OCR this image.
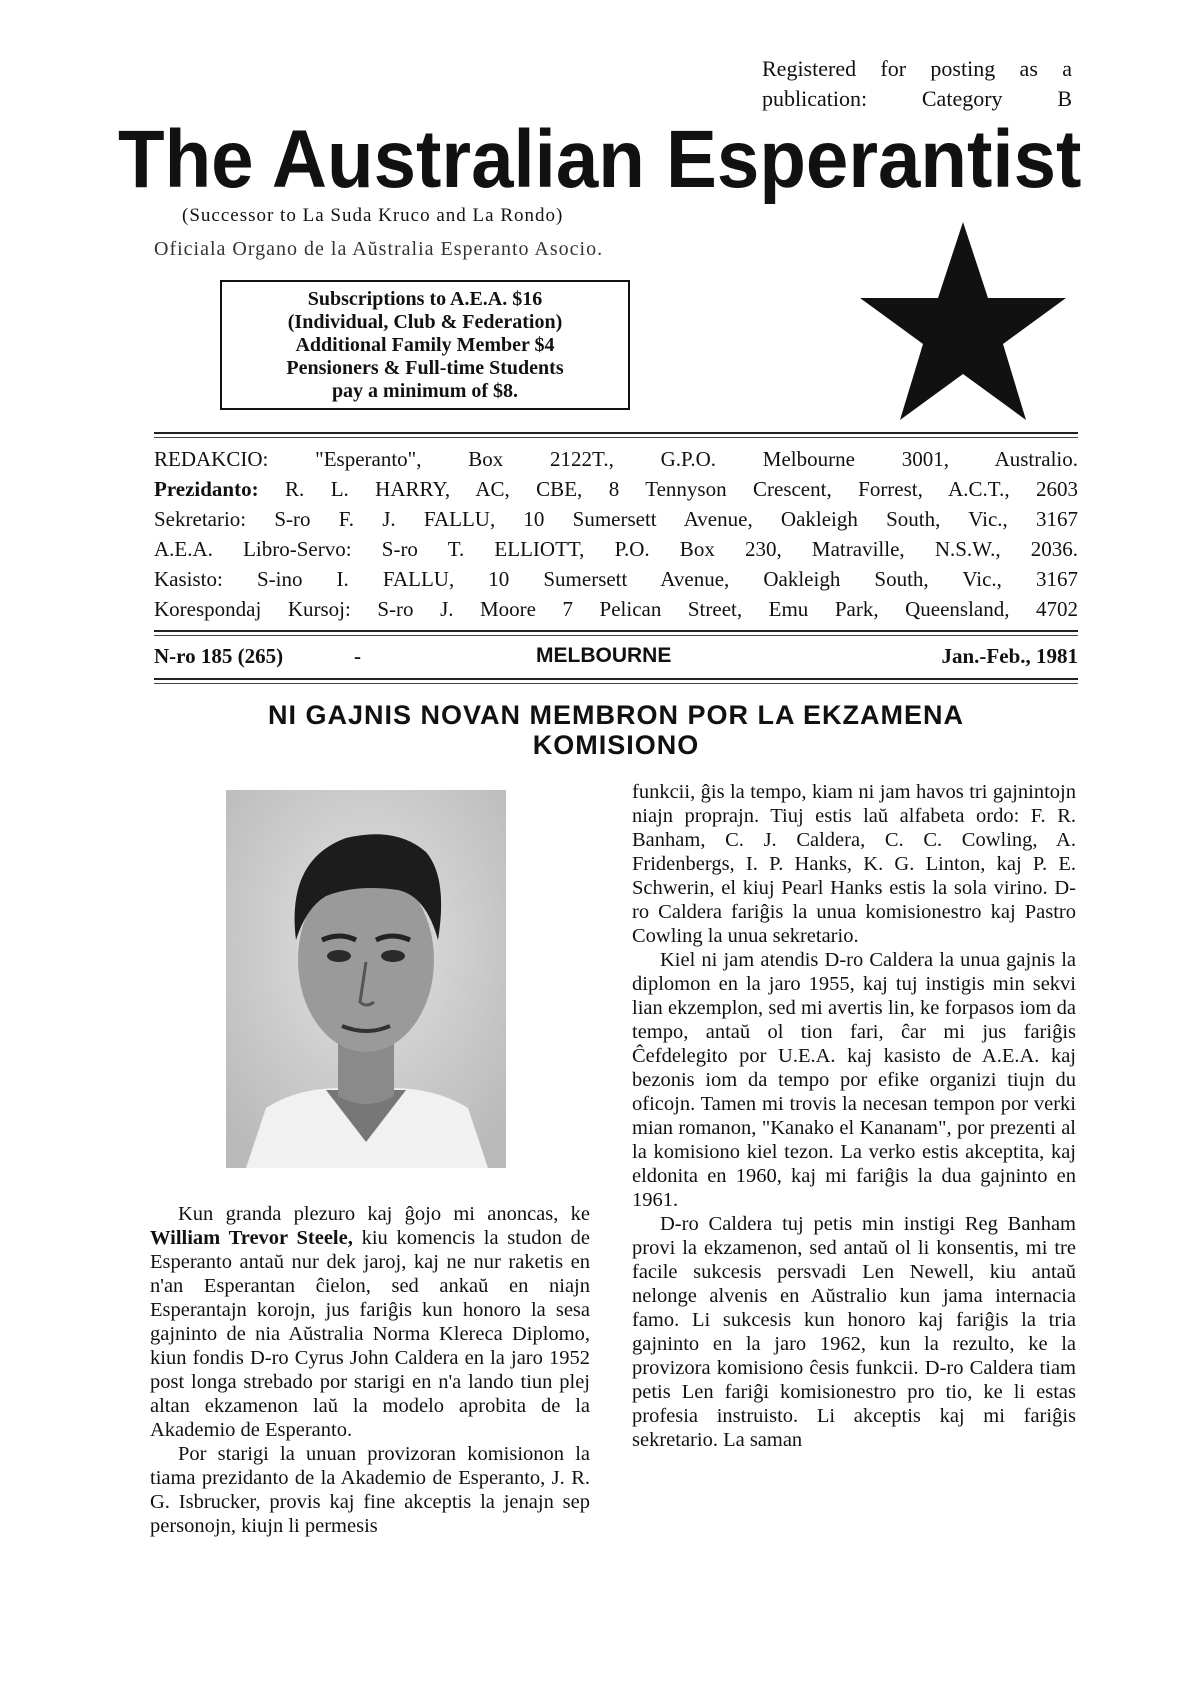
Registered for posting as a publication: Category B
The Australian Esperantist
(Successor to La Suda Kruco and La Rondo)
Oficiala Organo de la Aŭstralia Esperanto Asocio.
Subscriptions to A.E.A. $16
(Individual, Club & Federation)
Additional Family Member $4
Pensioners & Full-time Students
pay a minimum of $8.
REDAKCIO: "Esperanto", Box 2122T., G.P.O. Melbourne 3001, Australio.
Prezidanto: R. L. HARRY, AC, CBE, 8 Tennyson Crescent, Forrest, A.C.T., 2603
Sekretario: S-ro F. J. FALLU, 10 Sumersett Avenue, Oakleigh South, Vic., 3167
A.E.A. Libro-Servo: S-ro T. ELLIOTT, P.O. Box 230, Matraville, N.S.W., 2036.
Kasisto: S-ino I. FALLU, 10 Sumersett Avenue, Oakleigh South, Vic., 3167
Korespondaj Kursoj: S-ro J. Moore 7 Pelican Street, Emu Park, Queensland, 4702
N-ro 185 (265)	-	MELBOURNE	Jan.-Feb., 1981
NI GAJNIS NOVAN MEMBRON POR LA EKZAMENA
KOMISIONO

Kun granda plezuro kaj ĝojo mi anoncas, ke William Trevor Steele, kiu komencis la studon de Esperanto antaŭ nur dek jaroj, kaj ne nur raketis en n'an Esperantan ĉielon, sed ankaŭ en niajn Esperantajn korojn, jus fariĝis kun honoro la sesa gajninto de nia Aŭstralia Norma Klereca Diplomo, kiun fondis D-ro Cyrus John Caldera en la jaro 1952 post longa strebado por starigi en n'a lando tiun plej altan ekzamenon laŭ la modelo aprobita de la Akademio de Esperanto.

Por starigi la unuan provizoran komisionon la tiama prezidanto de la Akademio de Esperanto, J. R. G. Isbrucker, provis kaj fine akceptis la jenajn sep personojn, kiujn li permesis

funkcii, ĝis la tempo, kiam ni jam havos tri gajnintojn niajn proprajn. Tiuj estis laŭ alfabeta ordo: F. R. Banham, C. J. Caldera, C. C. Cowling, A. Fridenbergs, I. P. Hanks, K. G. Linton, kaj P. E. Schwerin, el kiuj Pearl Hanks estis la sola virino. D-ro Caldera fariĝis la unua komisionestro kaj Pastro Cowling la unua sekretario.

Kiel ni jam atendis D-ro Caldera la unua gajnis la diplomon en la jaro 1955, kaj tuj instigis min sekvi lian ekzemplon, sed mi avertis lin, ke forpasos iom da tempo, antaŭ ol tion fari, ĉar mi jus fariĝis Ĉefdelegito por U.E.A. kaj kasisto de A.E.A. kaj bezonis iom da tempo por efike organizi tiujn du oficojn. Tamen mi trovis la necesan tempon por verki mian romanon, "Kanako el Kananam", por prezenti al la komisiono kiel tezon. La verko estis akceptita, kaj eldonita en 1960, kaj mi fariĝis la dua gajninto en 1961.

D-ro Caldera tuj petis min instigi Reg Banham provi la ekzamenon, sed antaŭ ol li konsentis, mi tre facile sukcesis persvadi Len Newell, kiu antaŭ nelonge alvenis en Aŭstralio kun jama internacia famo. Li sukcesis kun honoro kaj fariĝis la tria gajninto en la jaro 1962, kun la rezulto, ke la provizora komisiono ĉesis funkcii. D-ro Caldera tiam petis Len fariĝi komisionestro pro tio, ke li estas profesia instruisto. Li akceptis kaj mi fariĝis sekretario. La saman
